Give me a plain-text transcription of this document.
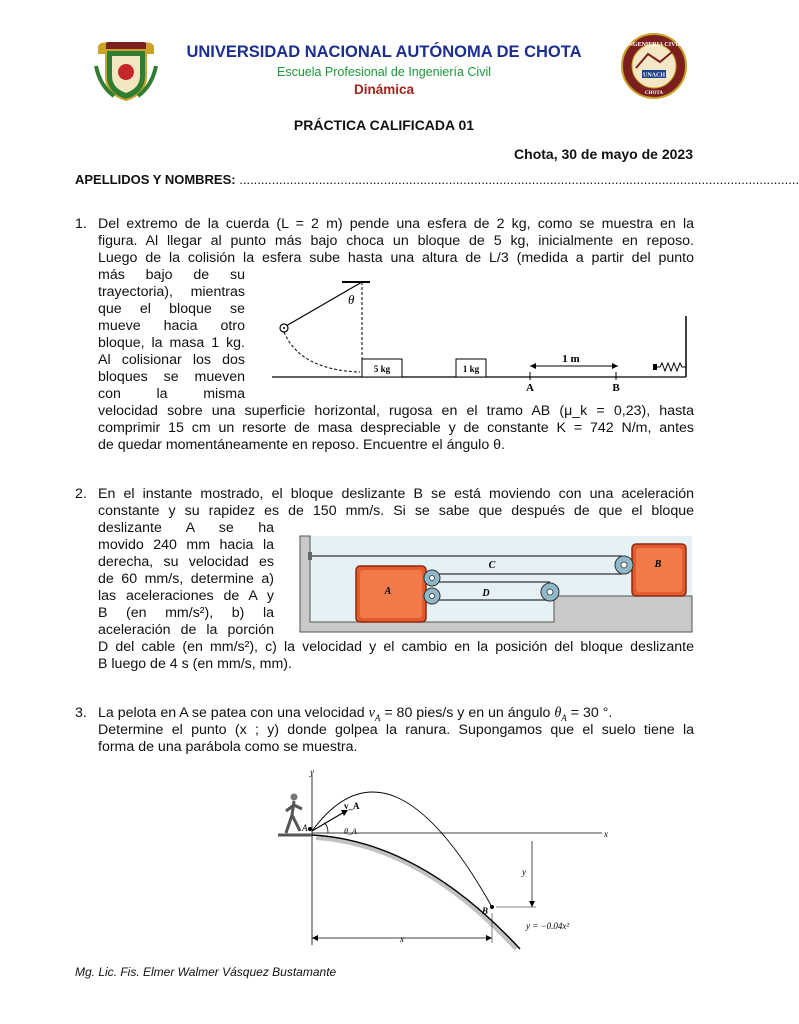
UNIVERSIDAD NACIONAL AUTÓNOMA DE CHOTA
Escuela Profesional de Ingeniería Civil
Dinámica
INGENIERIA CIVIL
UNACH
CHOTA
PRÁCTICA CALIFICADA 01
Chota, 30 de mayo de 2023
APELLIDOS Y NOMBRES: ...........................................................................................................................................................
1. Del extremo de la cuerda (L = 2 m) pende una esfera de 2 kg, como se muestra en la
figura. Al llegar al punto más bajo choca un bloque de 5 kg, inicialmente en reposo.
Luego de la colisión la esfera sube hasta una altura de L/3 (medida a partir del punto
más bajo de su
trayectoria), mientras
que el bloque se
mueve hacia otro
bloque, la masa 1 kg.
Al colisionar los dos
bloques se mueven
con la misma
velocidad sobre una superficie horizontal, rugosa en el tramo AB (μ_k = 0,23), hasta
comprimir 15 cm un resorte de masa despreciable y de constante K = 742 N/m, antes
de quedar momentáneamente en reposo. Encuentre el ángulo θ.
θ
5 kg	1 kg
1 m
A	B
2. En el instante mostrado, el bloque deslizante B se está moviendo con una aceleración
constante y su rapidez es de 150 mm/s. Si se sabe que después de que el bloque
deslizante A se ha
movido 240 mm hacia la
derecha, su velocidad es
de 60 mm/s, determine a)
las aceleraciones de A y
B (en mm/s²), b) la
aceleración de la porción
D del cable (en mm/s²), c) la velocidad y el cambio en la posición del bloque deslizante
B luego de 4 s (en mm/s, mm).
A
B
C
D
3. La pelota en A se patea con una velocidad $v_A = 80$ pies/s y en un ángulo $\theta_A = 30$ °.
Determine el punto (x ; y) donde golpea la ranura. Supongamos que el suelo tiene la
forma de una parábola como se muestra.
y
x
v_A
θ_A
A
B
y
x
y = −0.04x²
Mg. Lic. Fis. Elmer Walmer Vásquez Bustamante
